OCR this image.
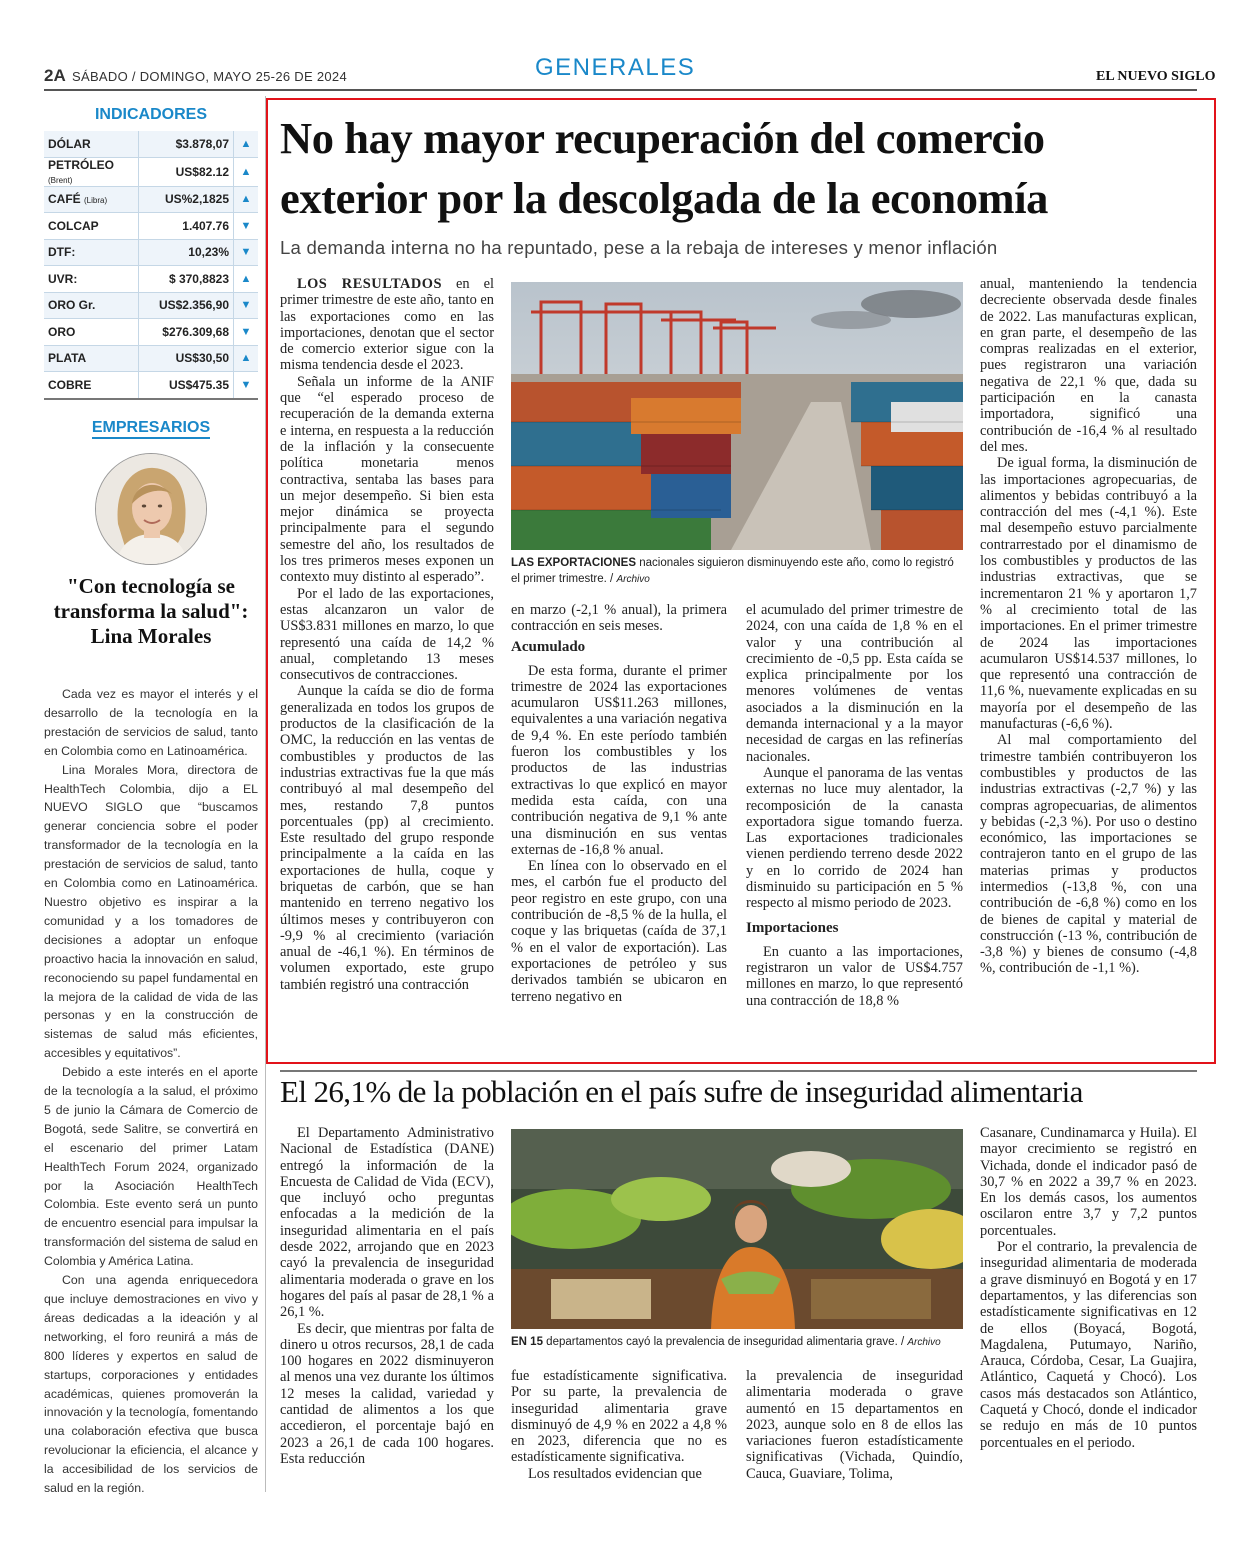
2A SÁBADO / DOMINGO, MAYO 25-26 DE 2024	GENERALES	EL NUEVO SIGLO
INDICADORES
DÓLAR	$3.878,07	▲
PETRÓLEO (Brent)	US$82.12	▲
CAFÉ (Libra)	US%2,1825	▲
COLCAP	1.407.76	▼
DTF:	10,23%	▼
UVR:	$ 370,8823	▲
ORO Gr.	US$2.356,90	▼
ORO	$276.309,68	▼
PLATA	US$30,50	▲
COBRE	US$475.35	▼
EMPRESARIOS
"Con tecnología se transforma la salud": Lina Morales

Cada vez es mayor el interés y el desarrollo de la tecnología en la prestación de servicios de salud, tanto en Colombia como en Latinoamérica.

Lina Morales Mora, directora de HealthTech Colombia, dijo a EL NUEVO SIGLO que “buscamos generar conciencia sobre el poder transformador de la tecnología en la prestación de servicios de salud, tanto en Colombia como en Latinoamérica. Nuestro objetivo es inspirar a la comunidad y a los tomadores de decisiones a adoptar un enfoque proactivo hacia la innovación en salud, reconociendo su papel fundamental en la mejora de la calidad de vida de las personas y en la construcción de sistemas de salud más eficientes, accesibles y equitativos”.

Debido a este interés en el aporte de la tecnología a la salud, el próximo 5 de junio la Cámara de Comercio de Bogotá, sede Salitre, se convertirá en el escenario del primer Latam HealthTech Forum 2024, organizado por la Asociación HealthTech Colombia. Este evento será un punto de encuentro esencial para impulsar la transformación del sistema de salud en Colombia y América Latina.

Con una agenda enriquecedora que incluye demostraciones en vivo y áreas dedicadas a la ideación y al networking, el foro reunirá a más de 800 líderes y expertos en salud de startups, corporaciones y entidades académicas, quienes promoverán la innovación y la tecnología, fomentando una colaboración efectiva que busca revolucionar la eficiencia, el alcance y la accesibilidad de los servicios de salud en la región.

No hay mayor recuperación del comercio exterior por la descolgada de la economía
La demanda interna no ha repuntado, pese a la rebaja de intereses y menor inflación

LOS RESULTADOS en el primer trimestre de este año, tanto en las exportaciones como en las importaciones, denotan que el sector de comercio exterior sigue con la misma tendencia desde el 2023.

Señala un informe de la ANIF que “el esperado proceso de recuperación de la demanda externa e interna, en respuesta a la reducción de la inflación y la consecuente política monetaria menos contractiva, sentaba las bases para un mejor desempeño. Si bien esta mejor dinámica se proyecta principalmente para el segundo semestre del año, los resultados de los tres primeros meses exponen un contexto muy distinto al esperado”.

Por el lado de las exportaciones, estas alcanzaron un valor de US$3.831 millones en marzo, lo que representó una caída de 14,2 % anual, completando 13 meses consecutivos de contracciones.

Aunque la caída se dio de forma generalizada en todos los grupos de productos de la clasificación de la OMC, la reducción en las ventas de combustibles y productos de las industrias extractivas fue la que más contribuyó al mal desempeño del mes, restando 7,8 puntos porcentuales (pp) al crecimiento. Este resultado del grupo responde principalmente a la caída en las exportaciones de hulla, coque y briquetas de carbón, que se han mantenido en terreno negativo los últimos meses y contribuyeron con -9,9 % al crecimiento (variación anual de -46,1 %). En términos de volumen exportado, este grupo también registró una contracción

LAS EXPORTACIONES nacionales siguieron disminuyendo este año, como lo registró el primer trimestre. / Archivo

en marzo (-2,1 % anual), la primera contracción en seis meses.

Acumulado

De esta forma, durante el primer trimestre de 2024 las exportaciones acumularon US$11.263 millones, equivalentes a una variación negativa de 9,4 %. En este período también fueron los combustibles y los productos de las industrias extractivas lo que explicó en mayor medida esta caída, con una contribución negativa de 9,1 % ante una disminución en sus ventas externas de -16,8 % anual.

En línea con lo observado en el mes, el carbón fue el producto del peor registro en este grupo, con una contribución de -8,5 % de la hulla, el coque y las briquetas (caída de 37,1 % en el valor de exportación). Las exportaciones de petróleo y sus derivados también se ubicaron en terreno negativo en

el acumulado del primer trimestre de 2024, con una caída de 1,8 % en el valor y una contribución al crecimiento de -0,5 pp. Esta caída se explica principalmente por los menores volúmenes de ventas asociados a la disminución en la demanda internacional y a la mayor necesidad de cargas en las refinerías nacionales.

Aunque el panorama de las ventas externas no luce muy alentador, la recomposición de la canasta exportadora sigue tomando fuerza. Las exportaciones tradicionales vienen perdiendo terreno desde 2022 y en lo corrido de 2024 han disminuido su participación en 5 % respecto al mismo periodo de 2023.

Importaciones

En cuanto a las importaciones, registraron un valor de US$4.757 millones en marzo, lo que representó una contracción de 18,8 %

anual, manteniendo la tendencia decreciente observada desde finales de 2022. Las manufacturas explican, en gran parte, el desempeño de las compras realizadas en el exterior, pues registraron una variación negativa de 22,1 % que, dada su participación en la canasta importadora, significó una contribución de -16,4 % al resultado del mes.

De igual forma, la disminución de las importaciones agropecuarias, de alimentos y bebidas contribuyó a la contracción del mes (-4,1 %). Este mal desempeño estuvo parcialmente contrarrestado por el dinamismo de los combustibles y productos de las industrias extractivas, que se incrementaron 21 % y aportaron 1,7 % al crecimiento total de las importaciones. En el primer trimestre de 2024 las importaciones acumularon US$14.537 millones, lo que representó una contracción de 11,6 %, nuevamente explicadas en su mayoría por el desempeño de las manufacturas (-6,6 %).

Al mal comportamiento del trimestre también contribuyeron los combustibles y productos de las industrias extractivas (-2,7 %) y las compras agropecuarias, de alimentos y bebidas (-2,3 %). Por uso o destino económico, las importaciones se contrajeron tanto en el grupo de las materias primas y productos intermedios (-13,8 %, con una contribución de -6,8 %) como en los de bienes de capital y material de construcción (-13 %, contribución de -3,8 %) y bienes de consumo (-4,8 %, contribución de -1,1 %).

El 26,1% de la población en el país sufre de inseguridad alimentaria

El Departamento Administrativo Nacional de Estadística (DANE) entregó la información de la Encuesta de Calidad de Vida (ECV), que incluyó ocho preguntas enfocadas a la medición de la inseguridad alimentaria en el país desde 2022, arrojando que en 2023 cayó la prevalencia de inseguridad alimentaria moderada o grave en los hogares del país al pasar de 28,1 % a 26,1 %.

Es decir, que mientras por falta de dinero u otros recursos, 28,1 de cada 100 hogares en 2022 disminuyeron al menos una vez durante los últimos 12 meses la calidad, variedad y cantidad de alimentos a los que accedieron, el porcentaje bajó en 2023 a 26,1 de cada 100 hogares. Esta reducción

EN 15 departamentos cayó la prevalencia de inseguridad alimentaria grave. / Archivo

fue estadísticamente significativa. Por su parte, la prevalencia de inseguridad alimentaria grave disminuyó de 4,9 % en 2022 a 4,8 % en 2023, diferencia que no es estadísticamente significativa.

Los resultados evidencian que

la prevalencia de inseguridad alimentaria moderada o grave aumentó en 15 departamentos en 2023, aunque solo en 8 de ellos las variaciones fueron estadísticamente significativas (Vichada, Quindío, Cauca, Guaviare, Tolima,

Casanare, Cundinamarca y Huila). El mayor crecimiento se registró en Vichada, donde el indicador pasó de 30,7 % en 2022 a 39,7 % en 2023. En los demás casos, los aumentos oscilaron entre 3,7 y 7,2 puntos porcentuales.

Por el contrario, la prevalencia de inseguridad alimentaria de moderada a grave disminuyó en Bogotá y en 17 departamentos, y las diferencias son estadísticamente significativas en 12 de ellos (Boyacá, Bogotá, Magdalena, Putumayo, Nariño, Arauca, Córdoba, Cesar, La Guajira, Atlántico, Caquetá y Chocó). Los casos más destacados son Atlántico, Caquetá y Chocó, donde el indicador se redujo en más de 10 puntos porcentuales en el periodo.
